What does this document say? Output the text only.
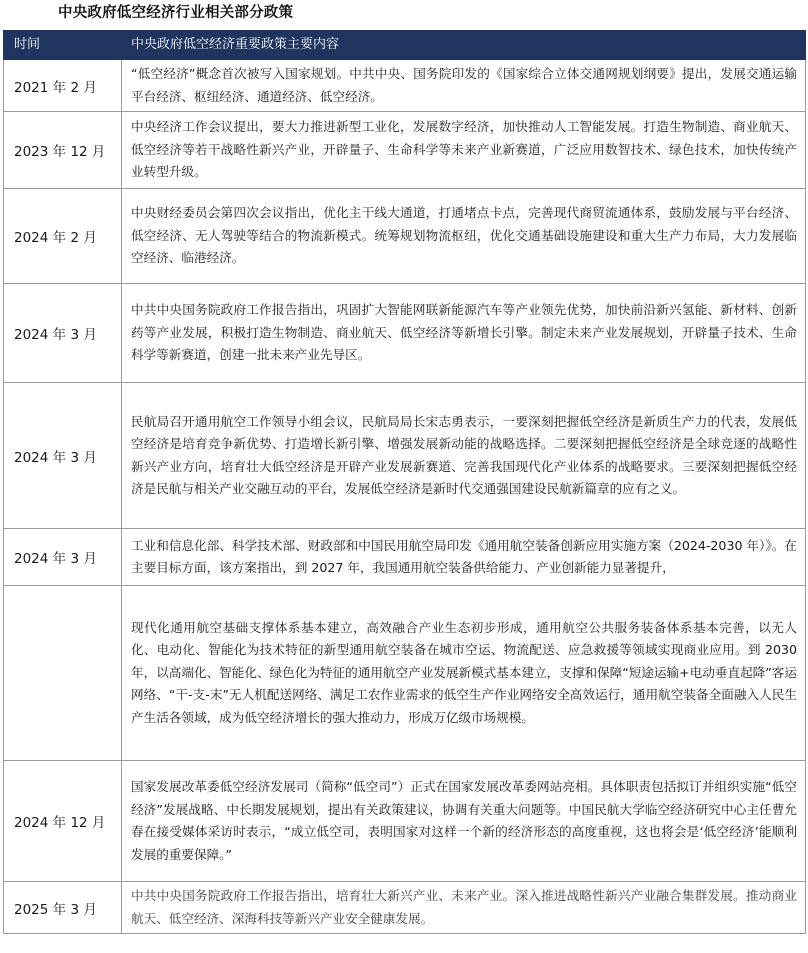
中央政府低空经济行业相关部分政策
时间	中央政府低空经济重要政策主要内容
2021 年 2 月	“低空经济”概念首次被写入国家规划。中共中央、国务院印发的《国家综合立体交通网规划纲要》提出，发展交通运输平台经济、枢纽经济、通道经济、低空经济。
2023 年 12 月	中央经济工作会议提出，要大力推进新型工业化，发展数字经济，加快推动人工智能发展。打造生物制造、商业航天、低空经济等若干战略性新兴产业，开辟量子、生命科学等未来产业新赛道，广泛应用数智技术、绿色技术，加快传统产业转型升级。
2024 年 2 月	中央财经委员会第四次会议指出，优化主干线大通道，打通堵点卡点，完善现代商贸流通体系，鼓励发展与平台经济、低空经济、无人驾驶等结合的物流新模式。统筹规划物流枢纽，优化交通基础设施建设和重大生产力布局，大力发展临空经济、临港经济。
2024 年 3 月	中共中央国务院政府工作报告指出，巩固扩大智能网联新能源汽车等产业领先优势，加快前沿新兴氢能、新材料、创新药等产业发展，积极打造生物制造、商业航天、低空经济等新增长引擎。制定未来产业发展规划，开辟量子技术、生命科学等新赛道，创建一批未来产业先导区。
2024 年 3 月	民航局召开通用航空工作领导小组会议，民航局局长宋志勇表示，一要深刻把握低空经济是新质生产力的代表，发展低空经济是培育竞争新优势、打造增长新引擎、增强发展新动能的战略选择。二要深刻把握低空经济是全球竞逐的战略性新兴产业方向，培育壮大低空经济是开辟产业发展新赛道、完善我国现代化产业体系的战略要求。三要深刻把握低空经济是民航与相关产业交融互动的平台，发展低空经济是新时代交通强国建设民航新篇章的应有之义。
2024 年 3 月	工业和信息化部、科学技术部、财政部和中国民用航空局印发《通用航空装备创新应用实施方案（2024-2030 年）》。在主要目标方面，该方案指出，到 2027 年，我国通用航空装备供给能力、产业创新能力显著提升，
	现代化通用航空基础支撑体系基本建立，高效融合产业生态初步形成，通用航空公共服务装备体系基本完善，以无人化、电动化、智能化为技术特征的新型通用航空装备在城市空运、物流配送、应急救援等领域实现商业应用。到 2030 年，以高端化、智能化、绿色化为特征的通用航空产业发展新模式基本建立，支撑和保障“短途运输+电动垂直起降”客运网络、“干-支-末”无人机配送网络、满足工农作业需求的低空生产作业网络安全高效运行，通用航空装备全面融入人民生产生活各领域，成为低空经济增长的强大推动力，形成万亿级市场规模。
2024 年 12 月	国家发展改革委低空经济发展司（简称“低空司”）正式在国家发展改革委网站亮相。具体职责包括拟订并组织实施“低空经济”发展战略、中长期发展规划，提出有关政策建议，协调有关重大问题等。中国民航大学临空经济研究中心主任曹允春在接受媒体采访时表示，“成立低空司，表明国家对这样一个新的经济形态的高度重视，这也将会是‘低空经济’能顺利发展的重要保障。”
2025 年 3 月	中共中央国务院政府工作报告指出，培育壮大新兴产业、未来产业。深入推进战略性新兴产业融合集群发展。推动商业航天、低空经济、深海科技等新兴产业安全健康发展。
